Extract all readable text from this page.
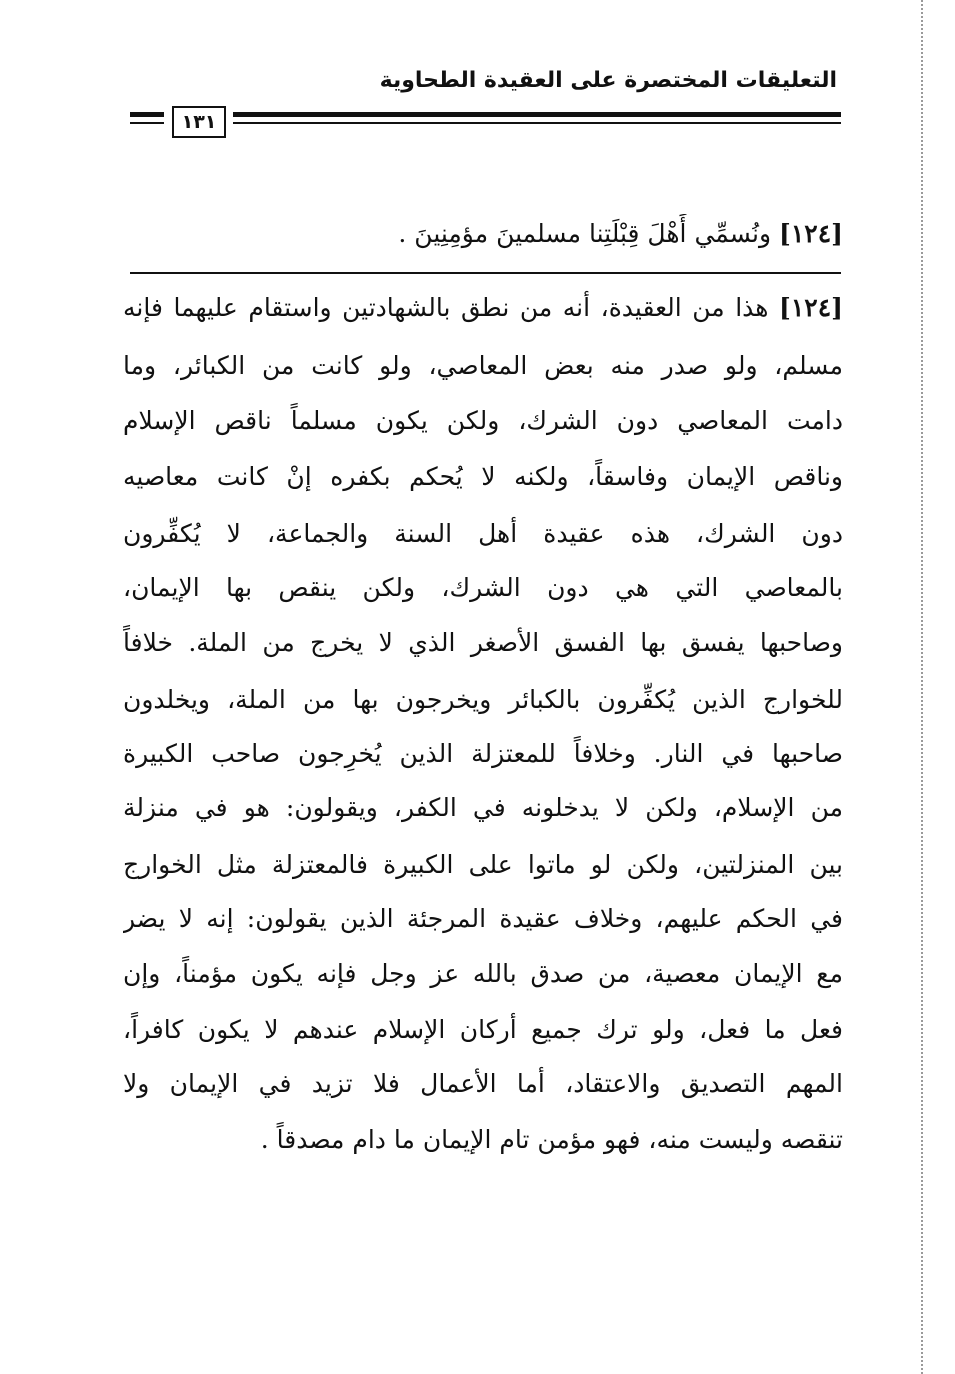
التعليقات المختصرة على العقيدة الطحاوية
١٣١
[١٢٤] ونُسمِّي أَهْلَ قِبْلَتِنا مسلمينَ مؤمِنِينَ .
[١٢٤] هذا من العقيدة، أنه من نطق بالشهادتين واستقام عليهما فإنه
مسلم، ولو صدر منه بعض المعاصي، ولو كانت من الكبائر، وما
دامت المعاصي دون الشرك، ولكن يكون مسلماً ناقص الإسلام
وناقص الإيمان وفاسقاً، ولكنه لا يُحكم بكفره إنْ كانت معاصيه
دون الشرك، هذه عقيدة أهل السنة والجماعة، لا يُكفِّرون
بالمعاصي التي هي دون الشرك، ولكن ينقص بها الإيمان،
وصاحبها يفسق بها الفسق الأصغر الذي لا يخرج من الملة. خلافاً
للخوارج الذين يُكفِّرون بالكبائر ويخرجون بها من الملة، ويخلدون
صاحبها في النار. وخلافاً للمعتزلة الذين يُخرِجون صاحب الكبيرة
من الإسلام، ولكن لا يدخلونه في الكفر، ويقولون: هو في منزلة
بين المنزلتين، ولكن لو ماتوا على الكبيرة فالمعتزلة مثل الخوارج
في الحكم عليهم، وخلاف عقيدة المرجئة الذين يقولون: إنه لا يضر
مع الإيمان معصية، من صدق بالله عز وجل فإنه يكون مؤمناً، وإن
فعل ما فعل، ولو ترك جميع أركان الإسلام عندهم لا يكون كافراً،
المهم التصديق والاعتقاد، أما الأعمال فلا تزيد في الإيمان ولا
تنقصه وليست منه، فهو مؤمن تام الإيمان ما دام مصدقاً .
